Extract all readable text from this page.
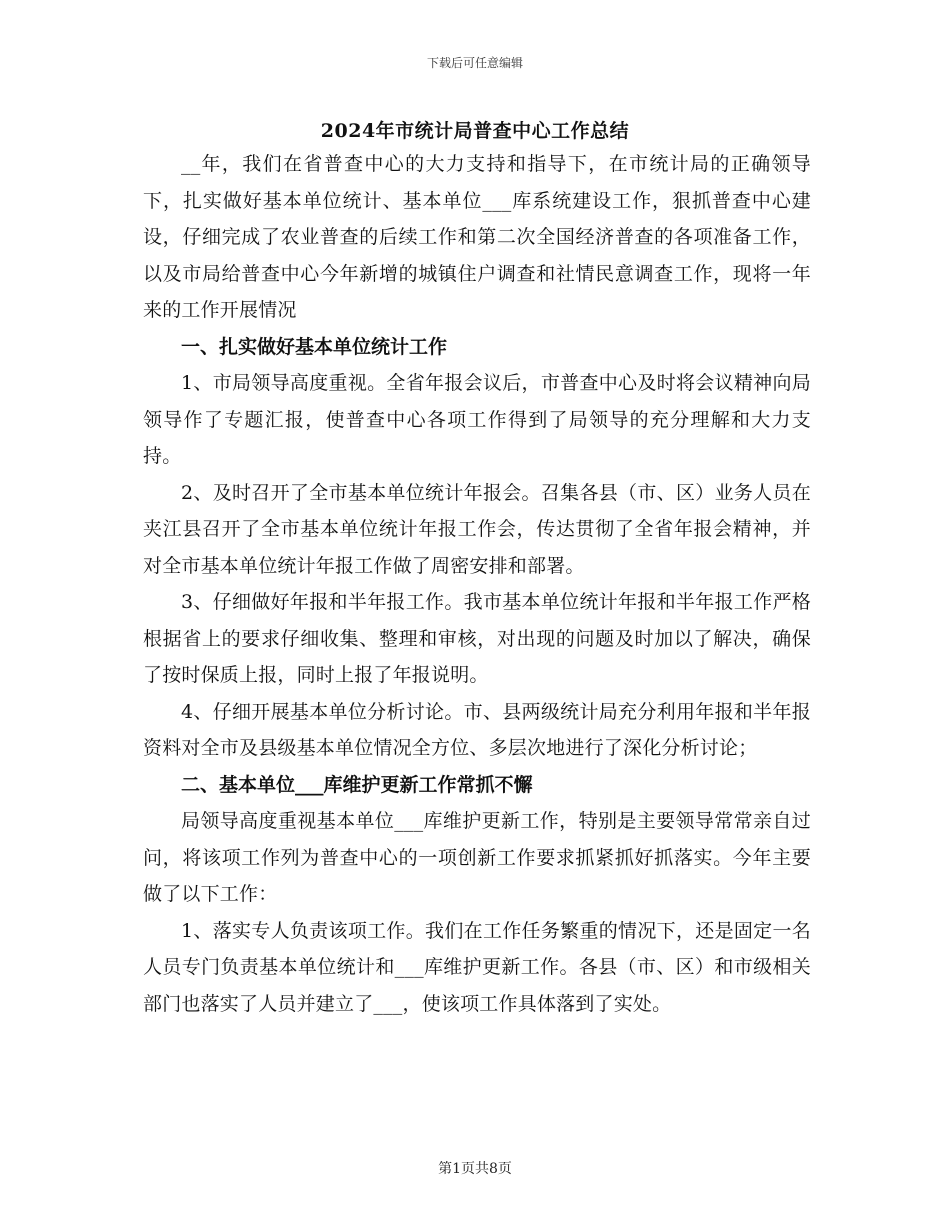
下载后可任意编辑
2024年市统计局普查中心工作总结

__年，我们在省普查中心的大力支持和指导下，在市统计局的正确领导下，扎实做好基本单位统计、基本单位___库系统建设工作，狠抓普查中心建设，仔细完成了农业普查的后续工作和第二次全国经济普查的各项准备工作，以及市局给普查中心今年新增的城镇住户调查和社情民意调查工作，现将一年来的工作开展情况

一、扎实做好基本单位统计工作

1、市局领导高度重视。全省年报会议后，市普查中心及时将会议精神向局领导作了专题汇报，使普查中心各项工作得到了局领导的充分理解和大力支持。

2、及时召开了全市基本单位统计年报会。召集各县（市、区）业务人员在夹江县召开了全市基本单位统计年报工作会，传达贯彻了全省年报会精神，并对全市基本单位统计年报工作做了周密安排和部署。

3、仔细做好年报和半年报工作。我市基本单位统计年报和半年报工作严格根据省上的要求仔细收集、整理和审核，对出现的问题及时加以了解决，确保了按时保质上报，同时上报了年报说明。

4、仔细开展基本单位分析讨论。市、县两级统计局充分利用年报和半年报资料对全市及县级基本单位情况全方位、多层次地进行了深化分析讨论；

二、基本单位___库维护更新工作常抓不懈

局领导高度重视基本单位___库维护更新工作，特别是主要领导常常亲自过问，将该项工作列为普查中心的一项创新工作要求抓紧抓好抓落实。今年主要做了以下工作：

1、落实专人负责该项工作。我们在工作任务繁重的情况下，还是固定一名人员专门负责基本单位统计和___库维护更新工作。各县（市、区）和市级相关部门也落实了人员并建立了___，使该项工作具体落到了实处。

第1页共8页
